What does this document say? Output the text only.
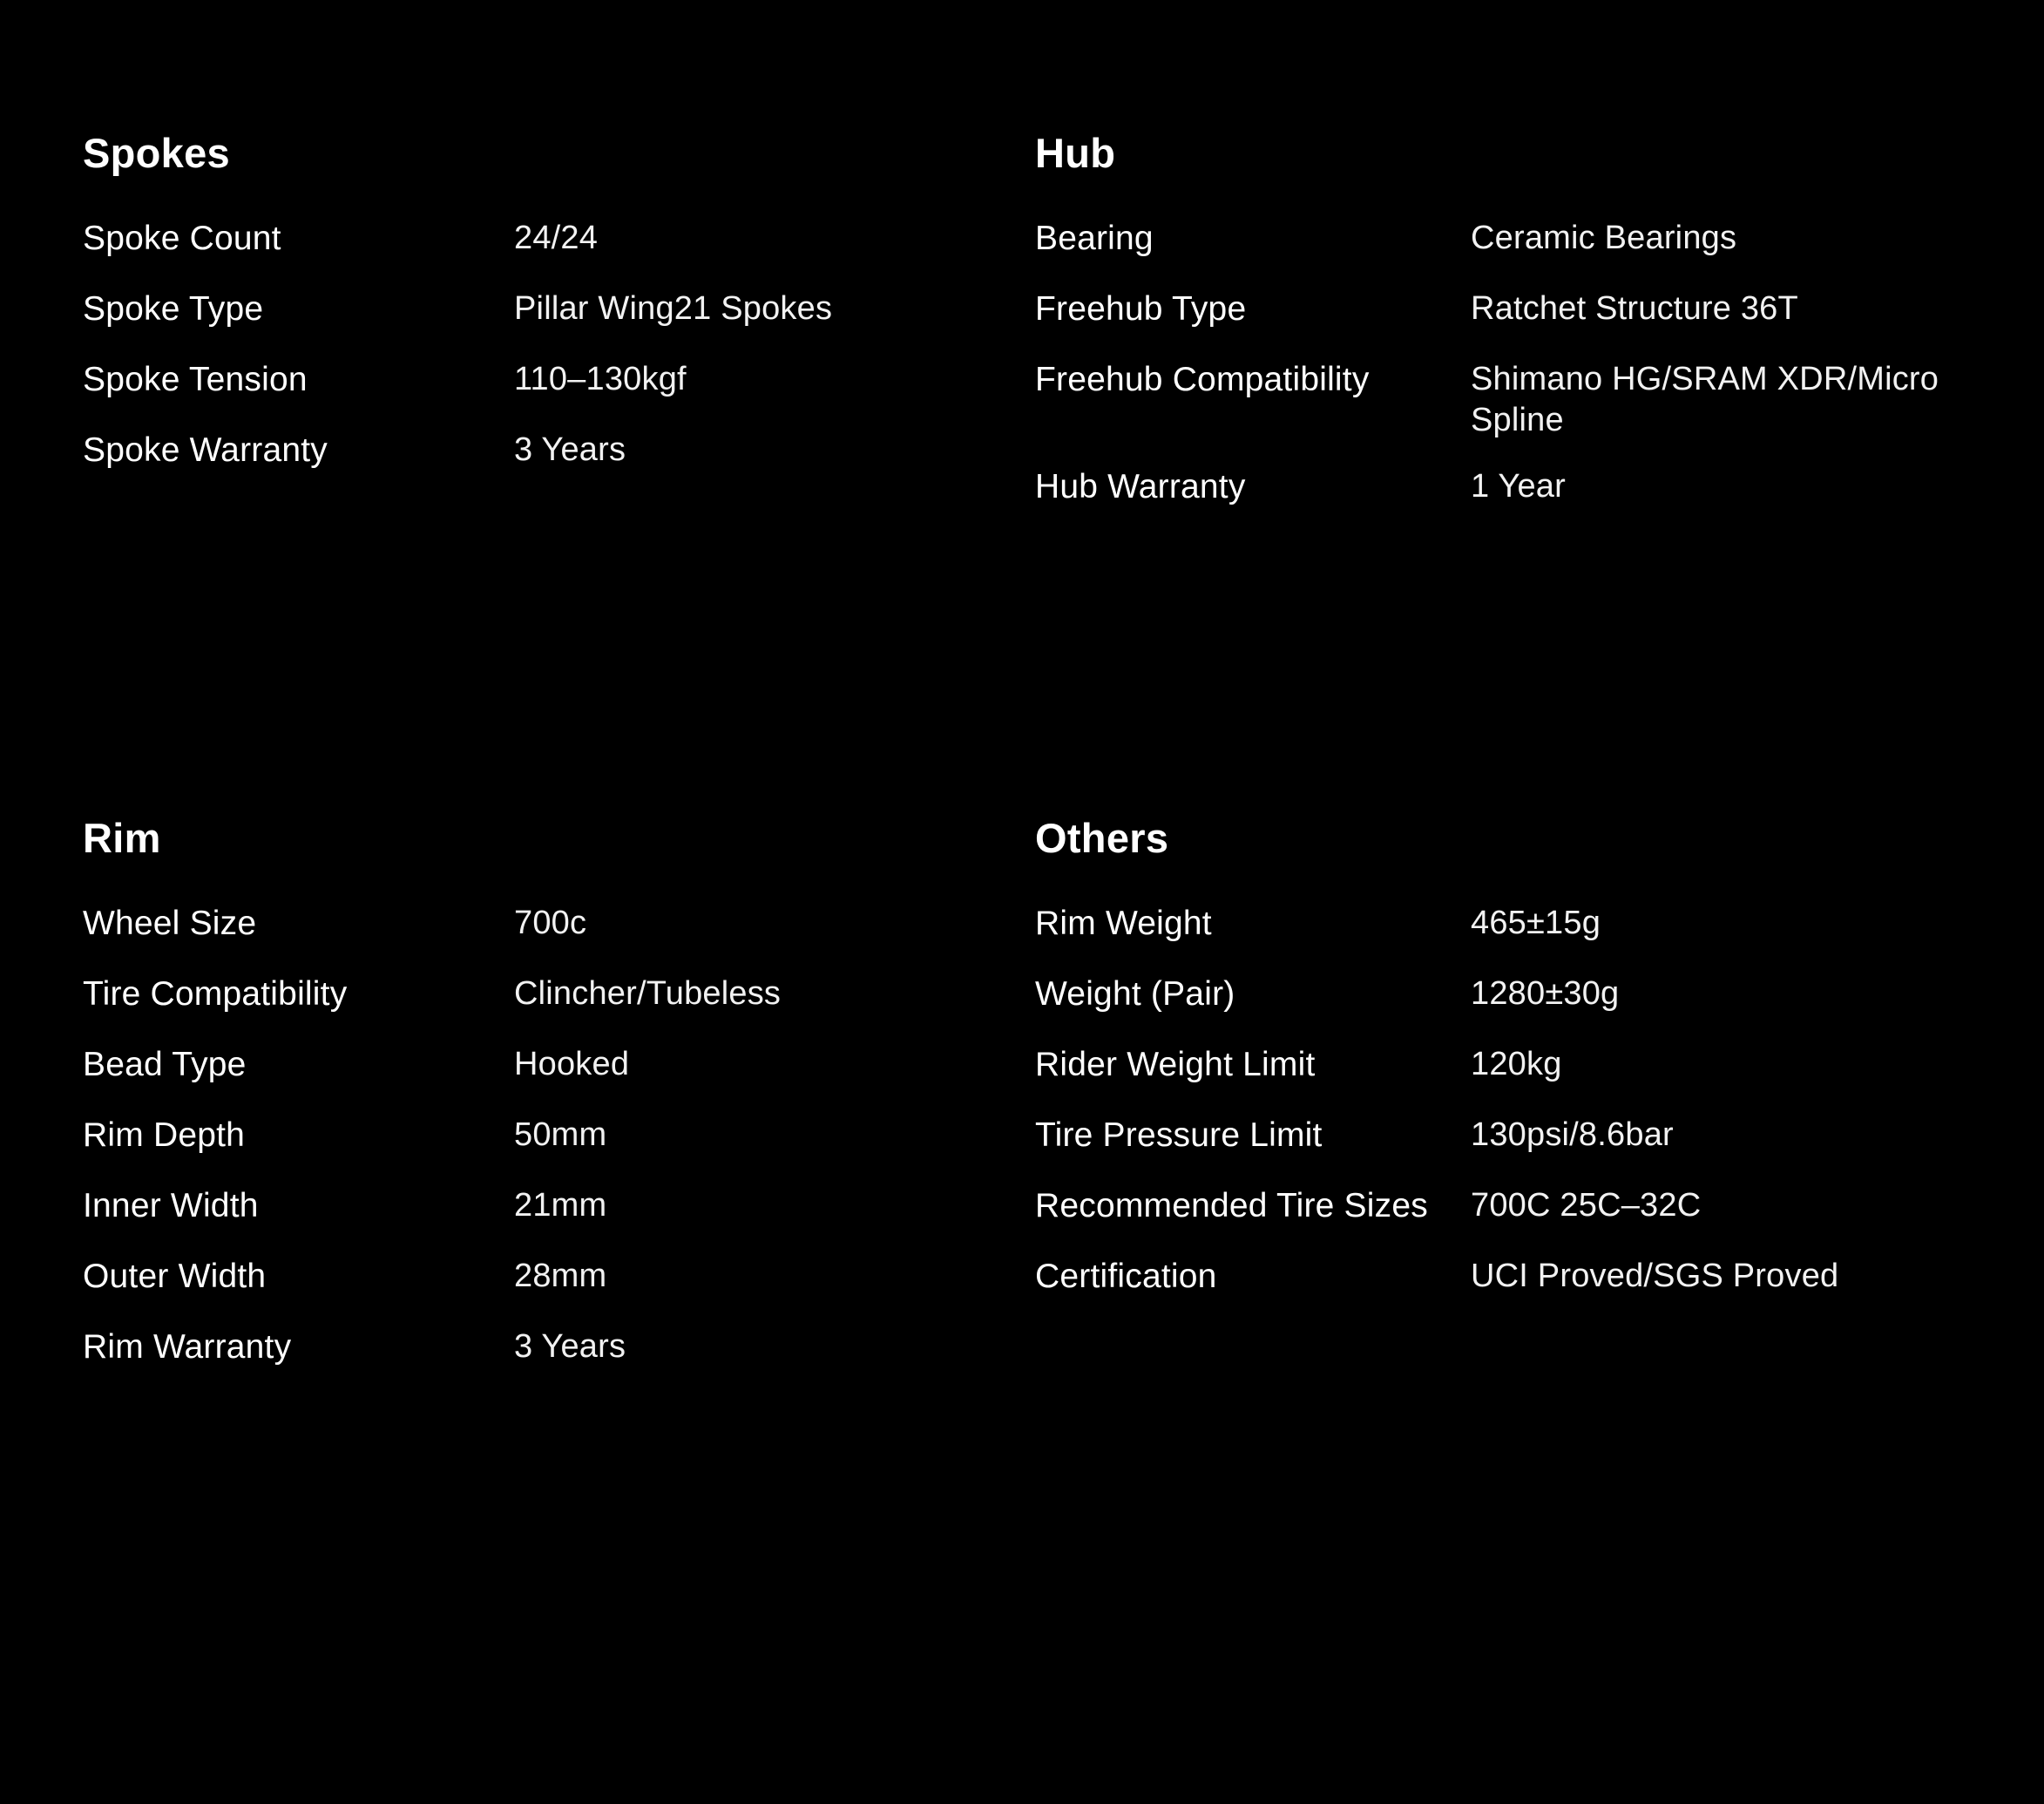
Spokes
Spoke Count	24/24
Spoke Type	Pillar Wing21 Spokes
Spoke Tension	110–130kgf
Spoke Warranty	3 Years
Hub
Bearing	Ceramic Bearings
Freehub Type	Ratchet Structure 36T
Freehub Compatibility	Shimano HG/SRAM XDR/Micro Spline
Hub Warranty	1 Year
Rim
Wheel Size	700c
Tire Compatibility	Clincher/Tubeless
Bead Type	Hooked
Rim Depth	50mm
Inner Width	21mm
Outer Width	28mm
Rim Warranty	3 Years
Others
Rim Weight	465±15g
Weight (Pair)	1280±30g
Rider Weight Limit	120kg
Tire Pressure Limit	130psi/8.6bar
Recommended Tire Sizes	700C 25C–32C
Certification	UCI Proved/SGS Proved
